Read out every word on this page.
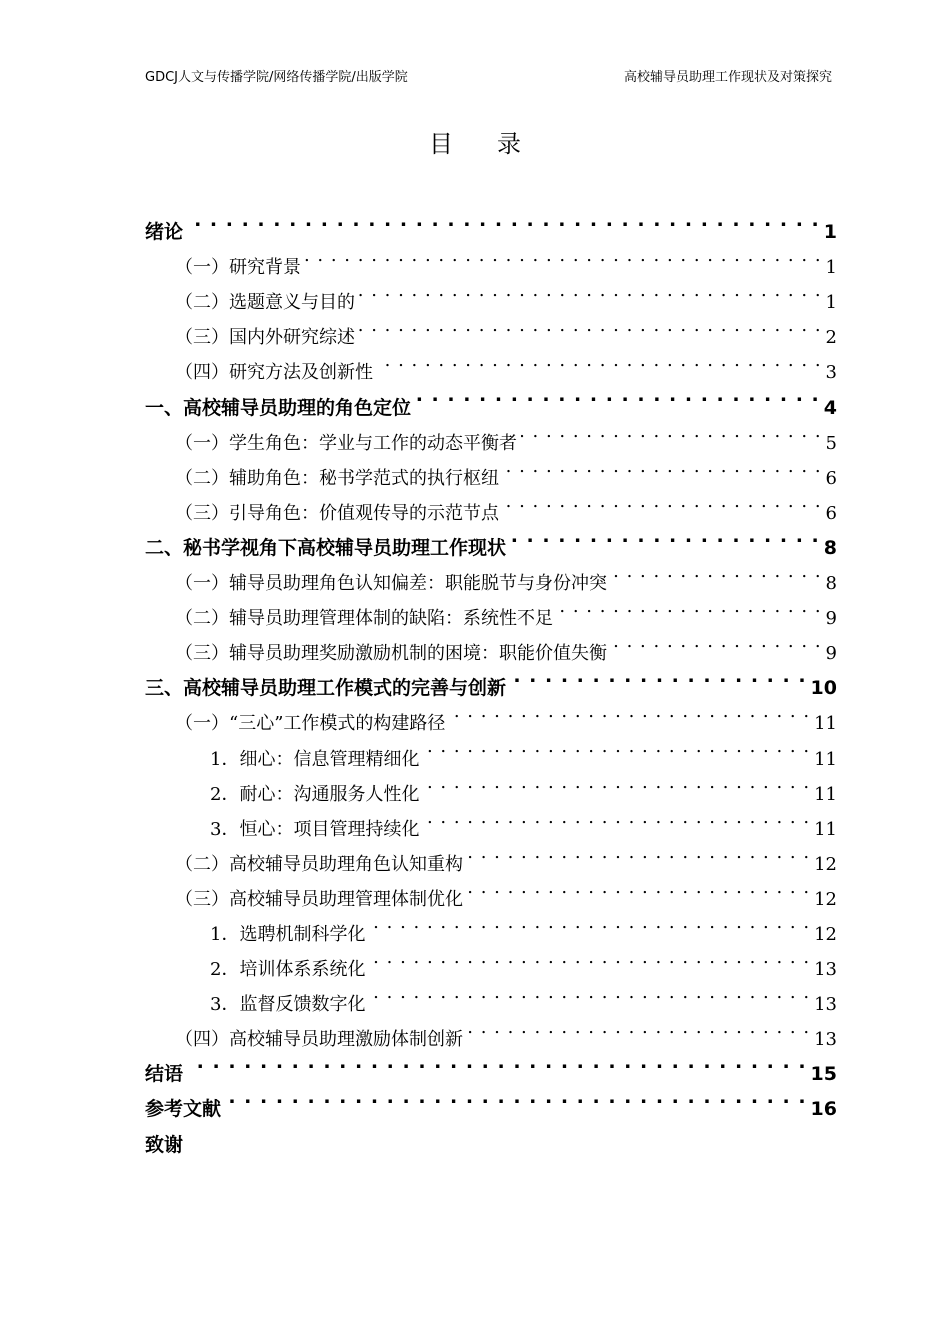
GDCJ人文与传播学院/网络传播学院/出版学院	高校辅导员助理工作现状及对策探究
目录
绪论 . . .	1
（一）研究背景 . . .	1
（二）选题意义与目的 . . .	1
（三）国内外研究综述 . . .	2
（四）研究方法及创新性 . . .	3
一、高校辅导员助理的角色定位 . . .	4
（一）学生角色：学业与工作的动态平衡者 . . .	5
（二）辅助角色：秘书学范式的执行枢纽 . . .	6
（三）引导角色：价值观传导的示范节点 . . .	6
二、秘书学视角下高校辅导员助理工作现状 . . .	8
（一）辅导员助理角色认知偏差：职能脱节与身份冲突 . . .	8
（二）辅导员助理管理体制的缺陷：系统性不足 . . .	9
（三）辅导员助理奖励激励机制的困境：职能价值失衡 . . .	9
三、高校辅导员助理工作模式的完善与创新 . . .	10
（一）“三心”工作模式的构建路径 . . .	11
1．细心：信息管理精细化 . . .	11
2．耐心：沟通服务人性化 . . .	11
3．恒心：项目管理持续化 . . .	11
（二）高校辅导员助理角色认知重构 . . .	12
（三）高校辅导员助理管理体制优化 . . .	12
1．选聘机制科学化 . . .	12
2．培训体系系统化 . . .	13
3．监督反馈数字化 . . .	13
（四）高校辅导员助理激励体制创新 . . .	13
结语 . . .	15
参考文献 . . .	16
致谢
